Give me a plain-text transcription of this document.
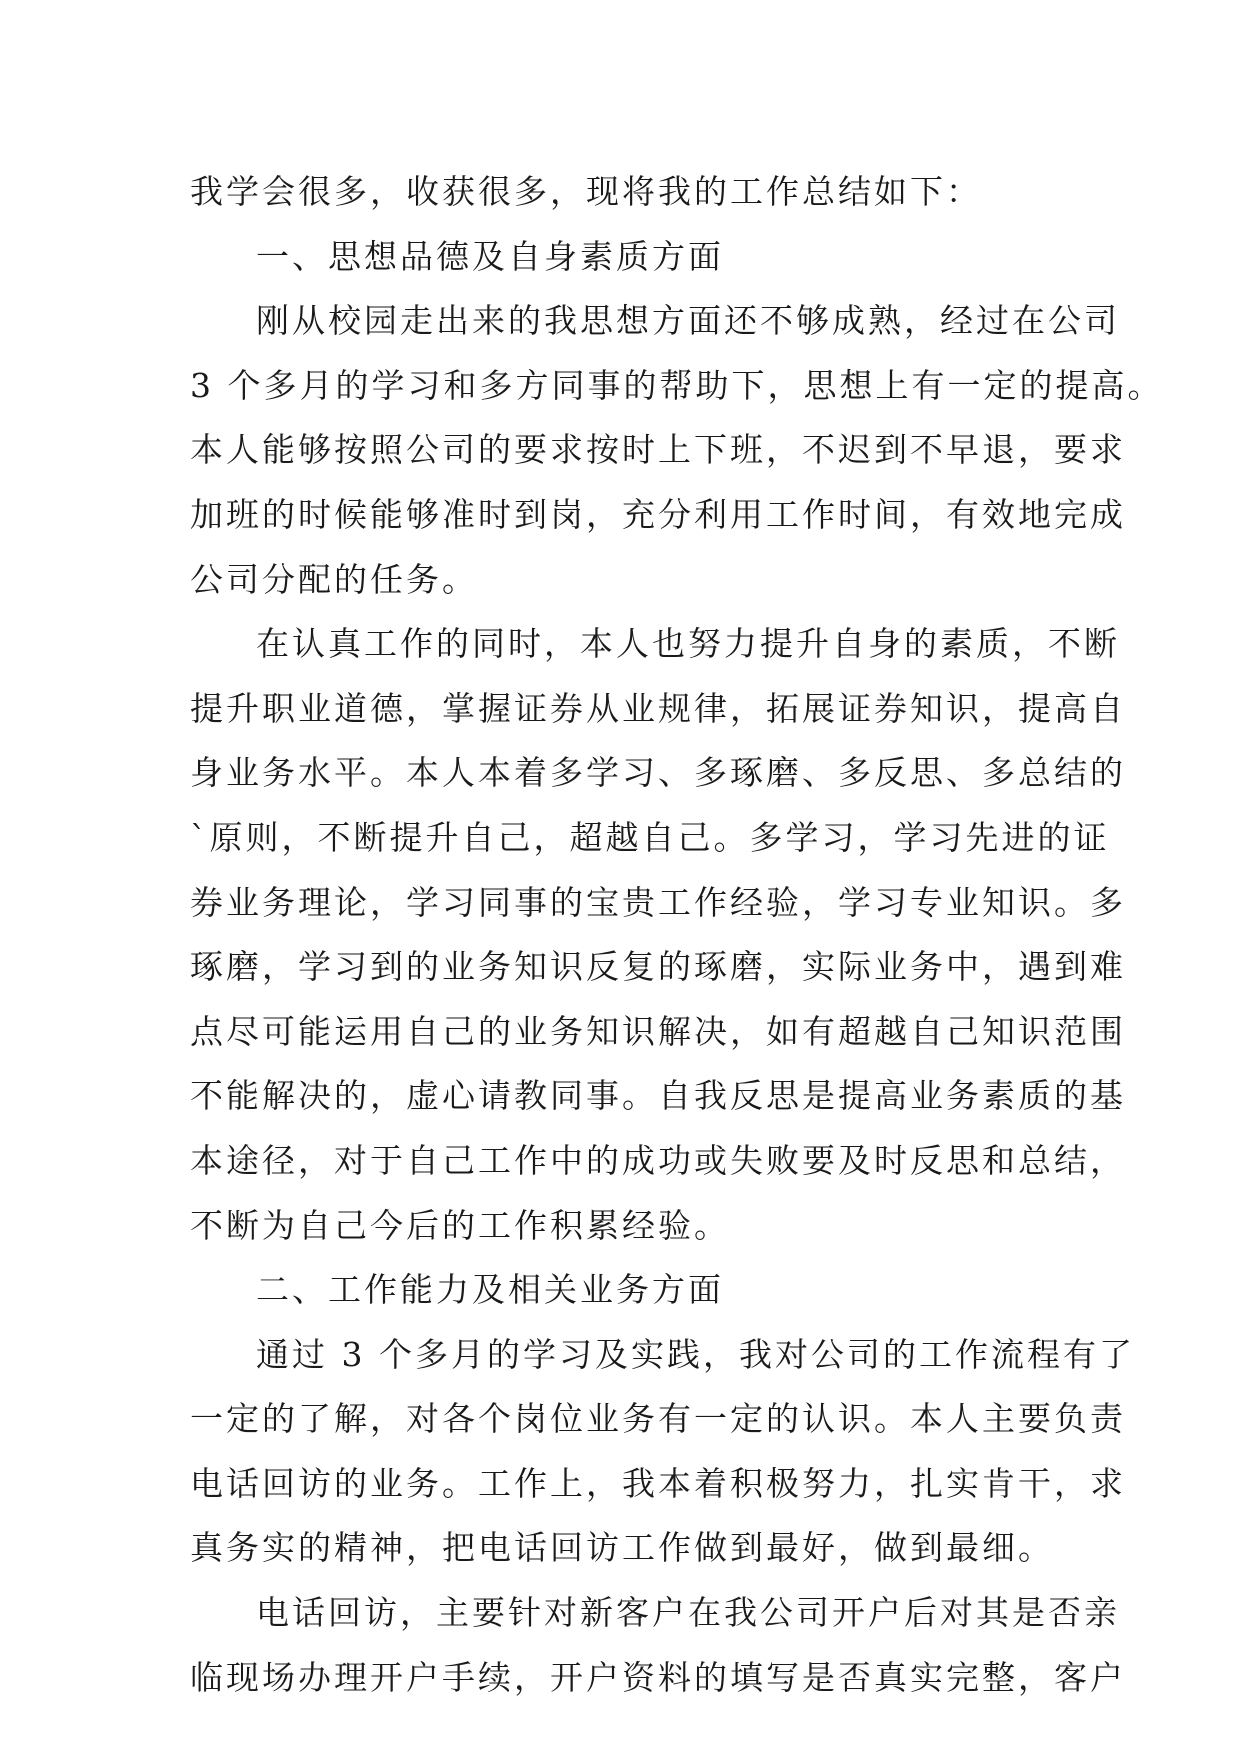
我学会很多，收获很多，现将我的工作总结如下：
一、思想品德及自身素质方面
刚从校园走出来的我思想方面还不够成熟，经过在公司
3 个多月的学习和多方同事的帮助下，思想上有一定的提高。
本人能够按照公司的要求按时上下班，不迟到不早退，要求
加班的时候能够准时到岗，充分利用工作时间，有效地完成
公司分配的任务。
在认真工作的同时，本人也努力提升自身的素质，不断
提升职业道德，掌握证券从业规律，拓展证券知识，提高自
身业务水平。本人本着多学习、多琢磨、多反思、多总结的
`原则，不断提升自己，超越自己。多学习，学习先进的证
券业务理论，学习同事的宝贵工作经验，学习专业知识。多
琢磨，学习到的业务知识反复的琢磨，实际业务中，遇到难
点尽可能运用自己的业务知识解决，如有超越自己知识范围
不能解决的，虚心请教同事。自我反思是提高业务素质的基
本途径，对于自己工作中的成功或失败要及时反思和总结，
不断为自己今后的工作积累经验。
二、工作能力及相关业务方面
通过 3 个多月的学习及实践，我对公司的工作流程有了
一定的了解，对各个岗位业务有一定的认识。本人主要负责
电话回访的业务。工作上，我本着积极努力，扎实肯干，求
真务实的精神，把电话回访工作做到最好，做到最细。
电话回访，主要针对新客户在我公司开户后对其是否亲
临现场办理开户手续，开户资料的填写是否真实完整，客户
